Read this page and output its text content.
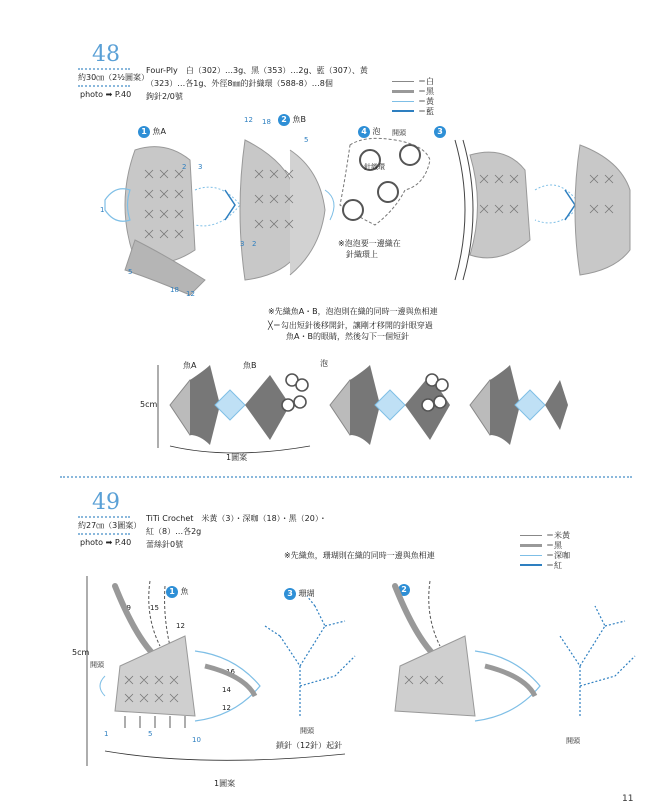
48
約30㎝（2½圖案）
photo ➡ P.40
Four-Ply　白（302）…3g、黑（353）…2g、藍（307）、黃
（323）…各1g、外徑8㎜的針織環（588-8）…8個
鉤針2/0號
＝白
＝黑
＝黃
＝藍
1 魚A
2 魚B
4 泡	3
開頭
1
2 3
5
12
18
12 18
5
3 2
針織環
※泡泡要一邊織在
針織環上
※先織魚A・B，泡泡則在織的同時一邊與魚相連
╳＝勾出短針後移開針，讓剛才移開的針眼穿過
魚A・B的眼睛，然後勾下一個短針
魚A	魚B	泡
5cm
1圖案
49
約27㎝（3圖案）
photo ➡ P.40
TiTi Crochet　米黃（3）・深咖（18）・黑（20）・
紅（8）…各2g
蕾絲針0號
＝米黃
＝黑
＝深咖
＝紅
※先織魚，珊瑚則在織的同時一邊與魚相連
1 魚	3 珊瑚	2
5cm
開頭
開頭
開頭
鎖針（12針）起針
1圖案
19	15
12
16
14
12
10
5
1
11
